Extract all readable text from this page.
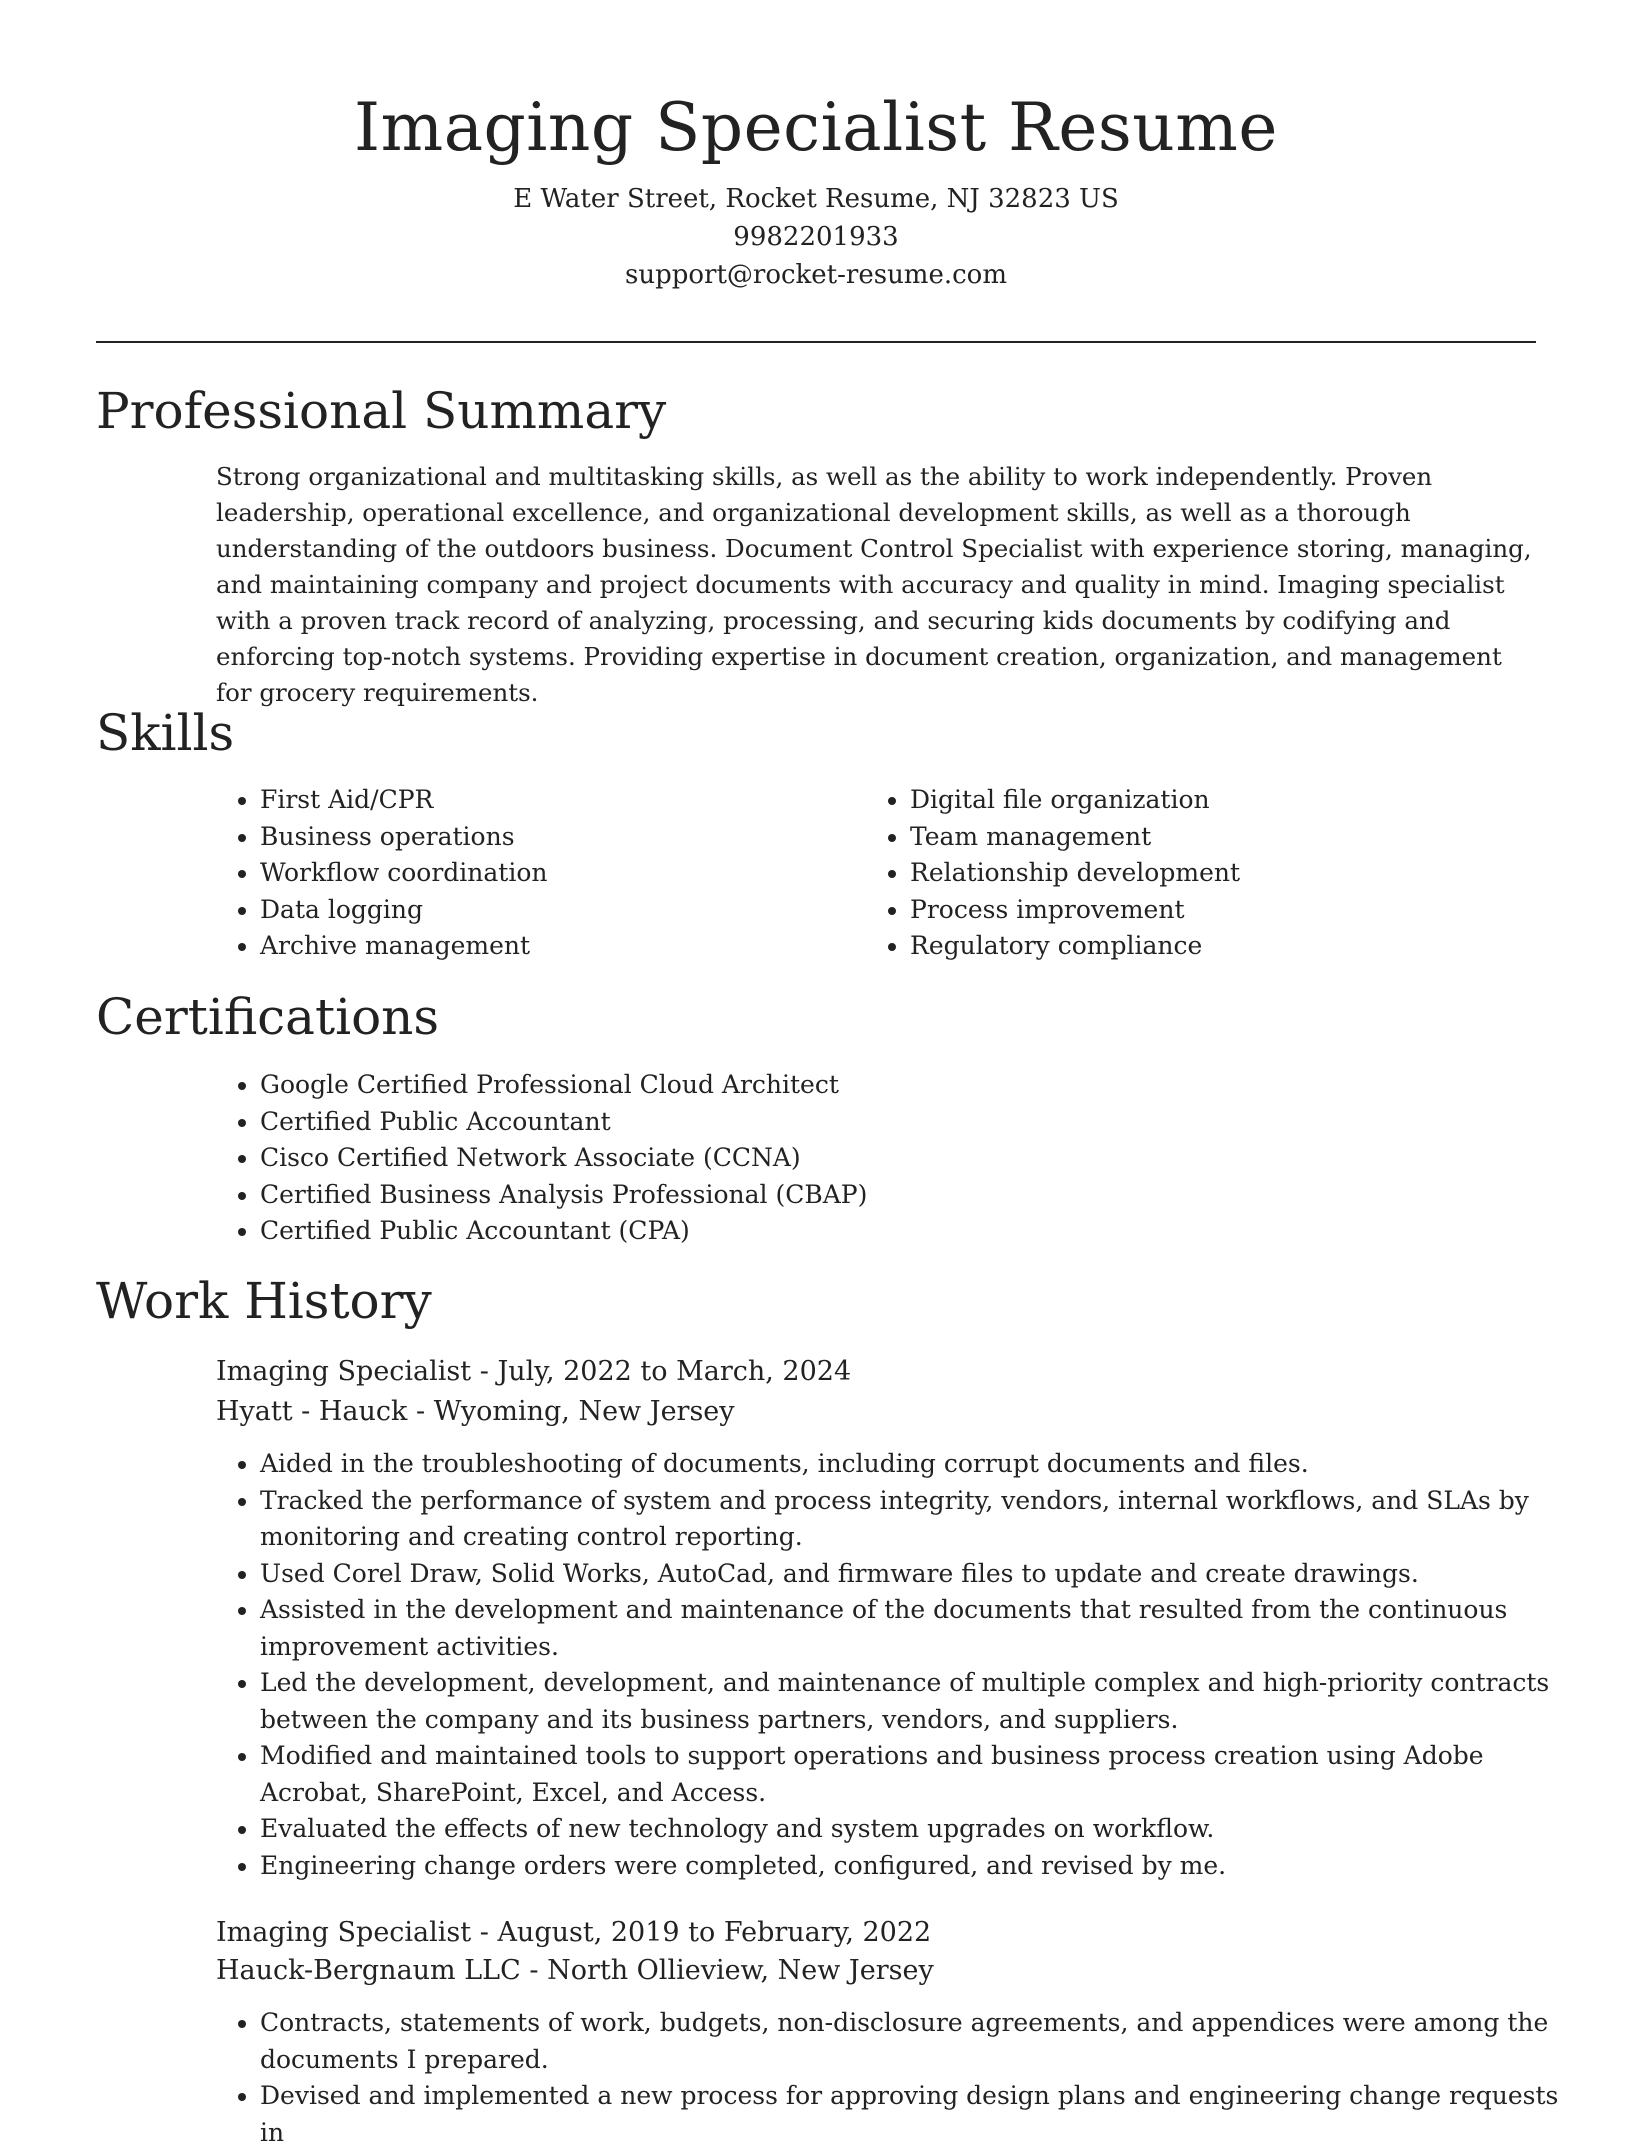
Imaging Specialist Resume
E Water Street, Rocket Resume, NJ 32823 US
9982201933
support@rocket-resume.com
Professional Summary

Strong organizational and multitasking skills, as well as the ability to work independently. Proven leadership, operational excellence, and organizational development skills, as well as a thorough understanding of the outdoors business. Document Control Specialist with experience storing, managing, and maintaining company and project documents with accuracy and quality in mind. Imaging specialist with a proven track record of analyzing, processing, and securing kids documents by codifying and enforcing top-notch systems. Providing expertise in document creation, organization, and management for grocery requirements.

Skills
• First Aid/CPR
• Business operations
• Workflow coordination
• Data logging
• Archive management
• Digital file organization
• Team management
• Relationship development
• Process improvement
• Regulatory compliance
Certifications
• Google Certified Professional Cloud Architect
• Certified Public Accountant
• Cisco Certified Network Associate (CCNA)
• Certified Business Analysis Professional (CBAP)
• Certified Public Accountant (CPA)
Work History
Imaging Specialist - July, 2022 to March, 2024
Hyatt - Hauck - Wyoming, New Jersey
• Aided in the troubleshooting of documents, including corrupt documents and files.
• Tracked the performance of system and process integrity, vendors, internal workflows, and SLAs by monitoring and creating control reporting.
• Used Corel Draw, Solid Works, AutoCad, and firmware files to update and create drawings.
• Assisted in the development and maintenance of the documents that resulted from the continuous improvement activities.
• Led the development, development, and maintenance of multiple complex and high-priority contracts between the company and its business partners, vendors, and suppliers.
• Modified and maintained tools to support operations and business process creation using Adobe Acrobat, SharePoint, Excel, and Access.
• Evaluated the effects of new technology and system upgrades on workflow.
• Engineering change orders were completed, configured, and revised by me.
Imaging Specialist - August, 2019 to February, 2022
Hauck-Bergnaum LLC - North Ollieview, New Jersey
• Contracts, statements of work, budgets, non-disclosure agreements, and appendices were among the documents I prepared.
• Devised and implemented a new process for approving design plans and engineering change requests in
